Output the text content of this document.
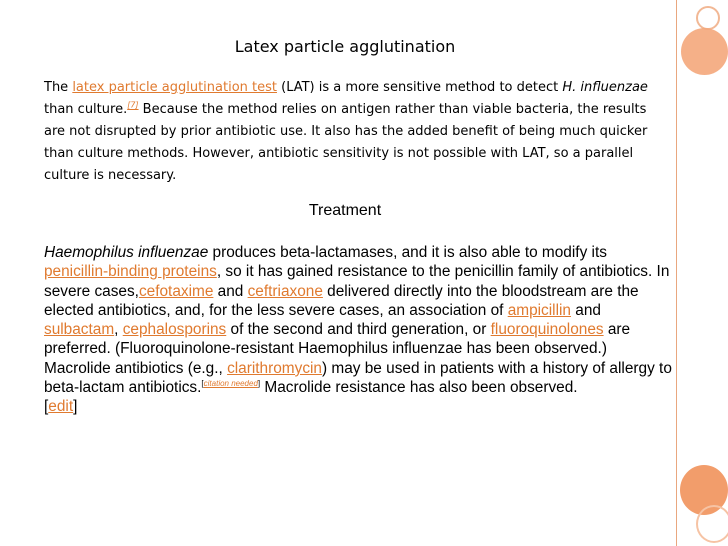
Latex particle agglutination
The latex particle agglutination test (LAT) is a more sensitive method to detect H. influenzae than culture.[7] Because the method relies on antigen rather than viable bacteria, the results are not disrupted by prior antibiotic use. It also has the added benefit of being much quicker than culture methods. However, antibiotic sensitivity is not possible with LAT, so a parallel culture is necessary.
Treatment
Haemophilus influenzae produces beta-lactamases, and it is also able to modify its penicillin-binding proteins, so it has gained resistance to the penicillin family of antibiotics. In severe cases,cefotaxime and ceftriaxone delivered directly into the bloodstream are the elected antibiotics, and, for the less severe cases, an association of ampicillin and sulbactam, cephalosporins of the second and third generation, or fluoroquinolones are preferred. (Fluoroquinolone-resistant Haemophilus influenzae has been observed.)
Macrolide antibiotics (e.g., clarithromycin) may be used in patients with a history of allergy to beta-lactam antibiotics.[citation needed] Macrolide resistance has also been observed.
[edit]
